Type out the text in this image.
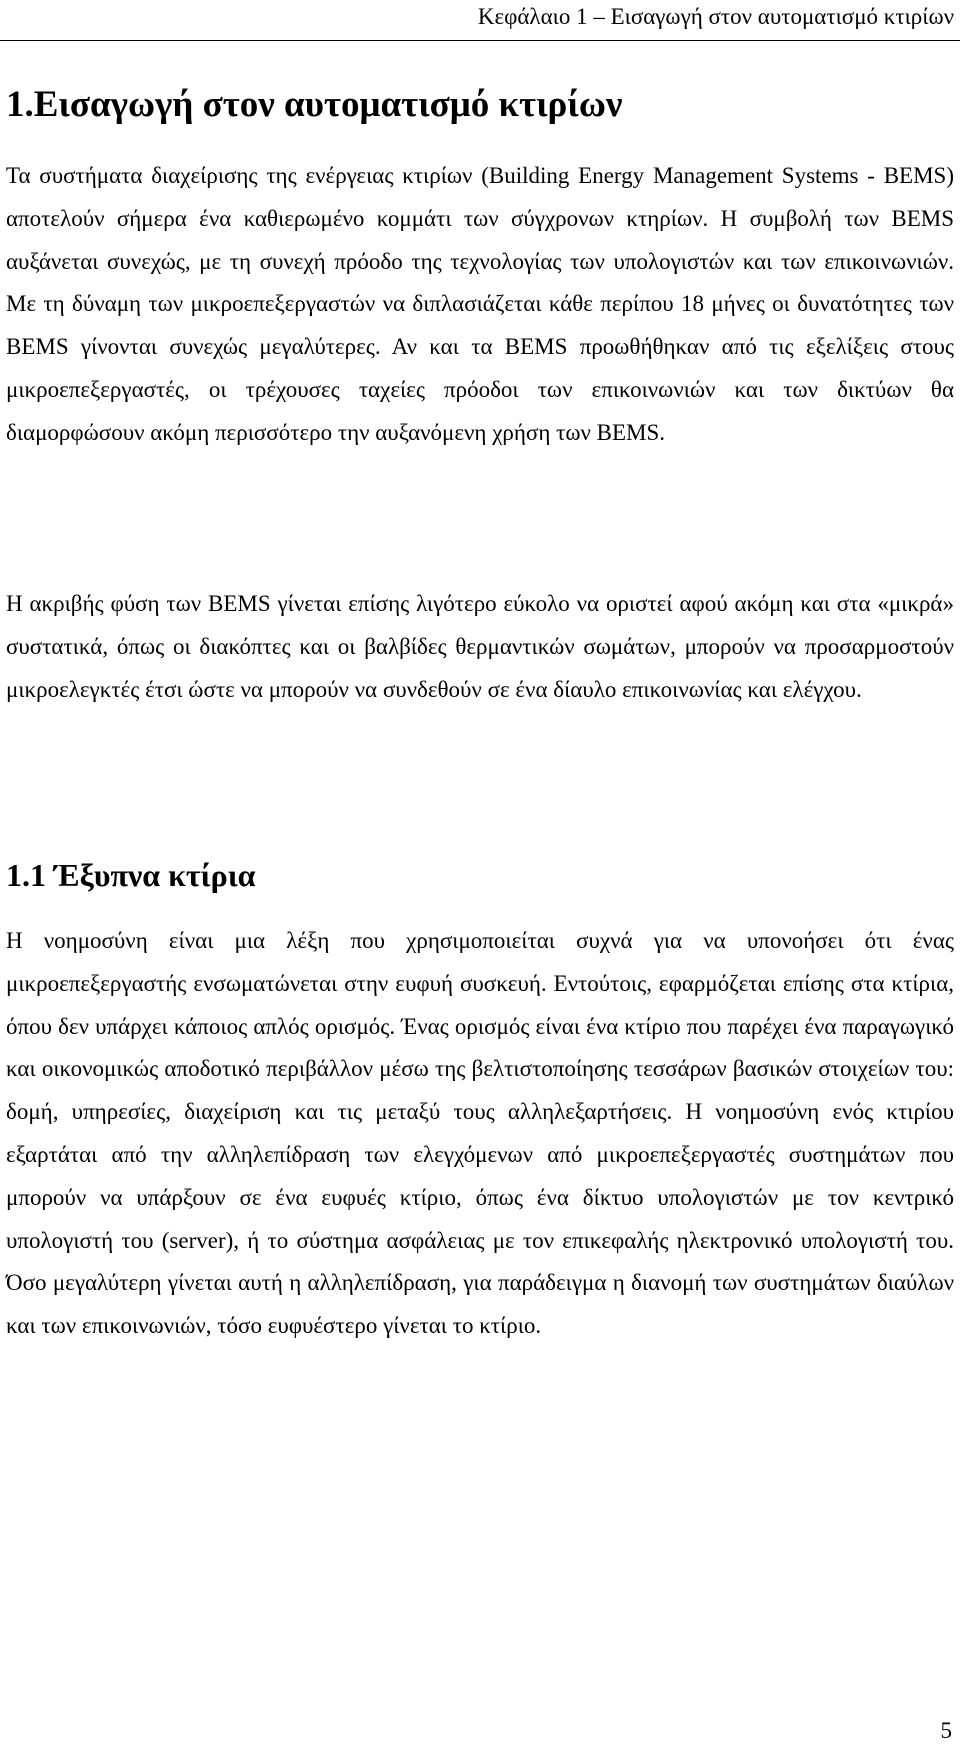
Κεφάλαιο 1 – Εισαγωγή στον αυτοματισμό κτιρίων
1.Εισαγωγή στον αυτοματισμό κτιρίων

Τα συστήματα διαχείρισης της ενέργειας κτιρίων (Building Energy Management Systems - BEMS) αποτελούν σήμερα ένα καθιερωμένο κομμάτι των σύγχρονων κτηρίων. Η συμβολή των BEMS αυξάνεται συνεχώς, με τη συνεχή πρόοδο της τεχνολογίας των υπολογιστών και των επικοινωνιών. Με τη δύναμη των μικροεπεξεργαστών να διπλασιάζεται κάθε περίπου 18 μήνες οι δυνατότητες των BEMS γίνονται συνεχώς μεγαλύτερες. Αν και τα BEMS προωθήθηκαν από τις εξελίξεις στους μικροεπεξεργαστές, οι τρέχουσες ταχείες πρόοδοι των επικοινωνιών και των δικτύων θα διαμορφώσουν ακόμη περισσότερο την αυξανόμενη χρήση των BEMS.

Η ακριβής φύση των BEMS γίνεται επίσης λιγότερο εύκολο να οριστεί αφού ακόμη και στα «μικρά» συστατικά, όπως οι διακόπτες και οι βαλβίδες θερμαντικών σωμάτων, μπορούν να προσαρμοστούν μικροελεγκτές έτσι ώστε να μπορούν να συνδεθούν σε ένα δίαυλο επικοινωνίας και ελέγχου.

1.1 Έξυπνα κτίρια

Η νοημοσύνη είναι μια λέξη που χρησιμοποιείται συχνά για να υπονοήσει ότι ένας μικροεπεξεργαστής ενσωματώνεται στην ευφυή συσκευή. Εντούτοις, εφαρμόζεται επίσης στα κτίρια, όπου δεν υπάρχει κάποιος απλός ορισμός. Ένας ορισμός είναι ένα κτίριο που παρέχει ένα παραγωγικό και οικονομικώς αποδοτικό περιβάλλον μέσω της βελτιστοποίησης τεσσάρων βασικών στοιχείων του: δομή, υπηρεσίες, διαχείριση και τις μεταξύ τους αλληλεξαρτήσεις. Η νοημοσύνη ενός κτιρίου εξαρτάται από την αλληλεπίδραση των ελεγχόμενων από μικροεπεξεργαστές συστημάτων που μπορούν να υπάρξουν σε ένα ευφυές κτίριο, όπως ένα δίκτυο υπολογιστών με τον κεντρικό υπολογιστή του (server), ή το σύστημα ασφάλειας με τον επικεφαλής ηλεκτρονικό υπολογιστή του. Όσο μεγαλύτερη γίνεται αυτή η αλληλεπίδραση, για παράδειγμα η διανομή των συστημάτων διαύλων και των επικοινωνιών, τόσο ευφυέστερο γίνεται το κτίριο.

5
